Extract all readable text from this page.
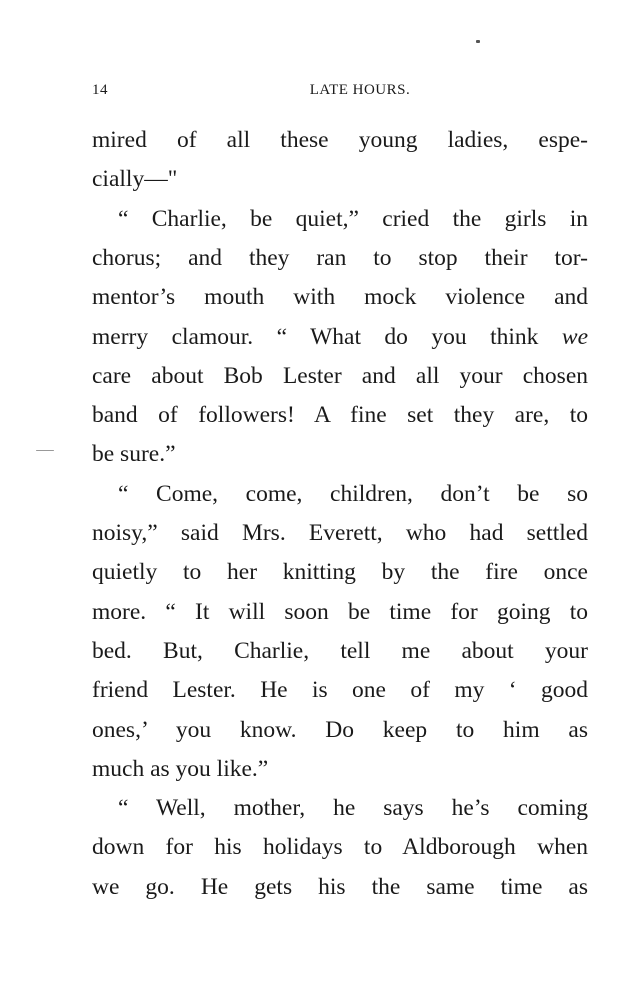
14	LATE HOURS.
mired of all these young ladies, espe-
cially—"
“ Charlie, be quiet,” cried the girls in
chorus; and they ran to stop their tor-
mentor’s mouth with mock violence and
merry clamour. “ What do you think we
care about Bob Lester and all your chosen
band of followers! A fine set they are, to
be sure.”
“ Come, come, children, don’t be so
noisy,” said Mrs. Everett, who had settled
quietly to her knitting by the fire once
more. “ It will soon be time for going to
bed. But, Charlie, tell me about your
friend Lester. He is one of my ‘ good
ones,’ you know. Do keep to him as
much as you like.”
“ Well, mother, he says he’s coming
down for his holidays to Aldborough when
we go. He gets his the same time as
